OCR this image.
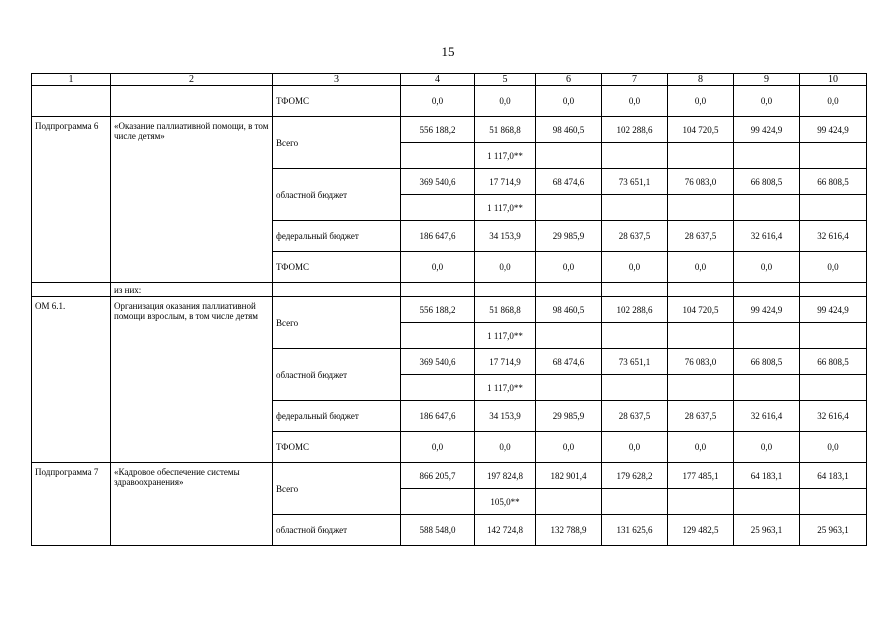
15
1	2	3	4	5	6	7	8	9	10
		ТФОМС	0,0	0,0	0,0	0,0	0,0	0,0	0,0
Подпрограмма 6	«Оказание паллиативной помощи, в том числе детям»	Всего	556 188,2	51 868,8	98 460,5	102 288,6	104 720,5	99 424,9	99 424,9
				1 117,0**					
		областной бюджет	369 540,6	17 714,9	68 474,6	73 651,1	76 083,0	66 808,5	66 808,5
				1 117,0**					
		федеральный бюджет	186 647,6	34 153,9	29 985,9	28 637,5	28 637,5	32 616,4	32 616,4
		ТФОМС	0,0	0,0	0,0	0,0	0,0	0,0	0,0
	из них:								
ОМ 6.1.	Организация оказания паллиативной помощи взрослым, в том числе детям	Всего	556 188,2	51 868,8	98 460,5	102 288,6	104 720,5	99 424,9	99 424,9
				1 117,0**					
		областной бюджет	369 540,6	17 714,9	68 474,6	73 651,1	76 083,0	66 808,5	66 808,5
				1 117,0**					
		федеральный бюджет	186 647,6	34 153,9	29 985,9	28 637,5	28 637,5	32 616,4	32 616,4
		ТФОМС	0,0	0,0	0,0	0,0	0,0	0,0	0,0
Подпрограмма 7	«Кадровое обеспечение системы здравоохранения»	Всего	866 205,7	197 824,8	182 901,4	179 628,2	177 485,1	64 183,1	64 183,1
				105,0**					
		областной бюджет	588 548,0	142 724,8	132 788,9	131 625,6	129 482,5	25 963,1	25 963,1
